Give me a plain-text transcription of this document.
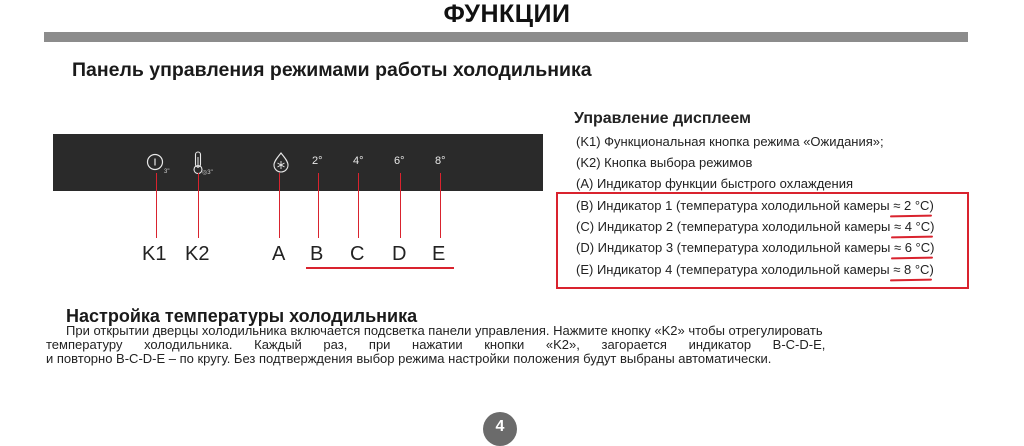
ФУНКЦИИ
Панель управления режимами работы холодильника
3"	◎3"
2°	4°	6°	8°
K1 K2	A B C D E
Управление дисплеем
(K1) Функциональная кнопка режима «Ожидания»;
(K2) Кнопка выбора режимов
(A) Индикатор функции быстрого охлаждения
(B) Индикатор 1 (температура холодильной камеры ≈ 2 °C)
(C) Индикатор 2 (температура холодильной камеры ≈ 4 °C)
(D) Индикатор 3 (температура холодильной камеры ≈ 6 °C)
(E) Индикатор 4 (температура холодильной камеры ≈ 8 °C)
Настройка температуры холодильника
При открытии дверцы холодильника включается подсветка панели управления. Нажмите кнопку «K2» чтобы отрегулировать
температуру холодильника. Каждый раз, при нажатии кнопки «K2», загорается индикатор B-C-D-E,
и повторно B-C-D-E – по кругу. Без подтверждения выбор режима настройки положения будут выбраны автоматически.
4
